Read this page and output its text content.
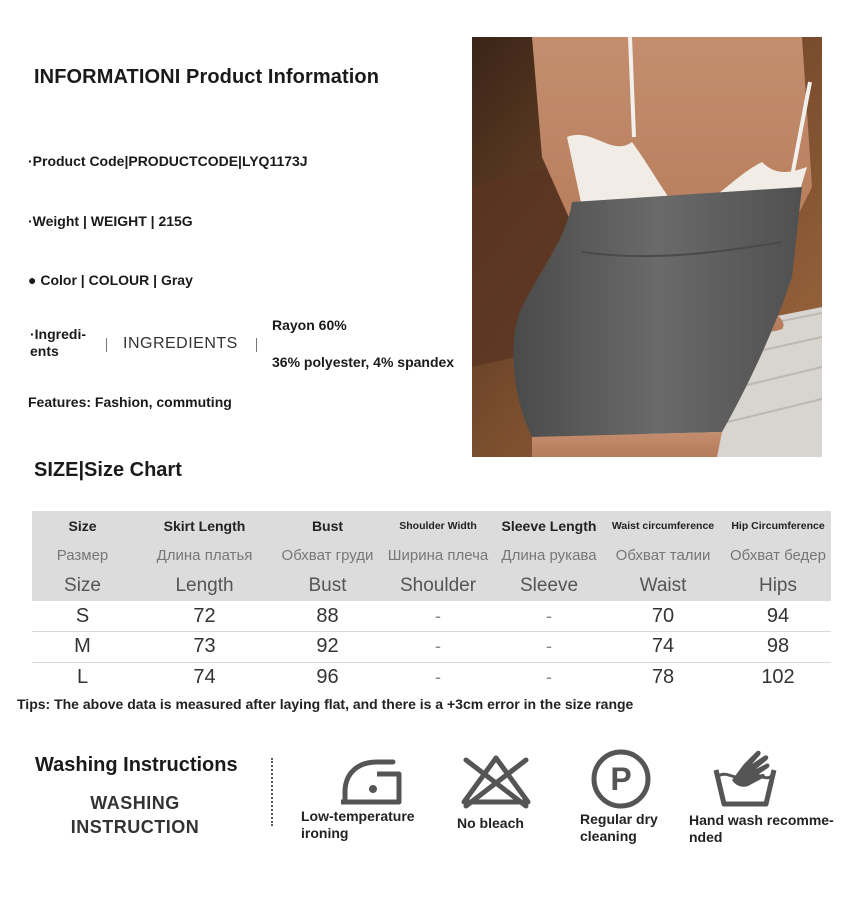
INFORMATIONI Product Information
·Product Code|PRODUCTCODE|LYQ1173J
·Weight | WEIGHT | 215G
● Color | COLOUR | Gray
·Ingredi-ents	INGREDIENTS
Rayon 60%
36% polyester, 4% spandex
Features: Fashion, commuting
SIZE|Size Chart
Size	Skirt Length	Bust	Shoulder Width	Sleeve Length	Waist circumference	Hip Circumference
Размер	Длина платья	Обхват груди	Ширина плеча	Длина рукава	Обхват талии	Обхват бедер
Size	Length	Bust	Shoulder	Sleeve	Waist	Hips
S	72	88	-	-	70	94
M	73	92	-	-	74	98
L	74	96	-	-	78	102
Tips: The above data is measured after laying flat, and there is a +3cm error in the size range
Washing Instructions
WASHING
INSTRUCTION
Low-temperature
ironing
No bleach
P
Regular dry
cleaning
Hand wash recomme-
nded
